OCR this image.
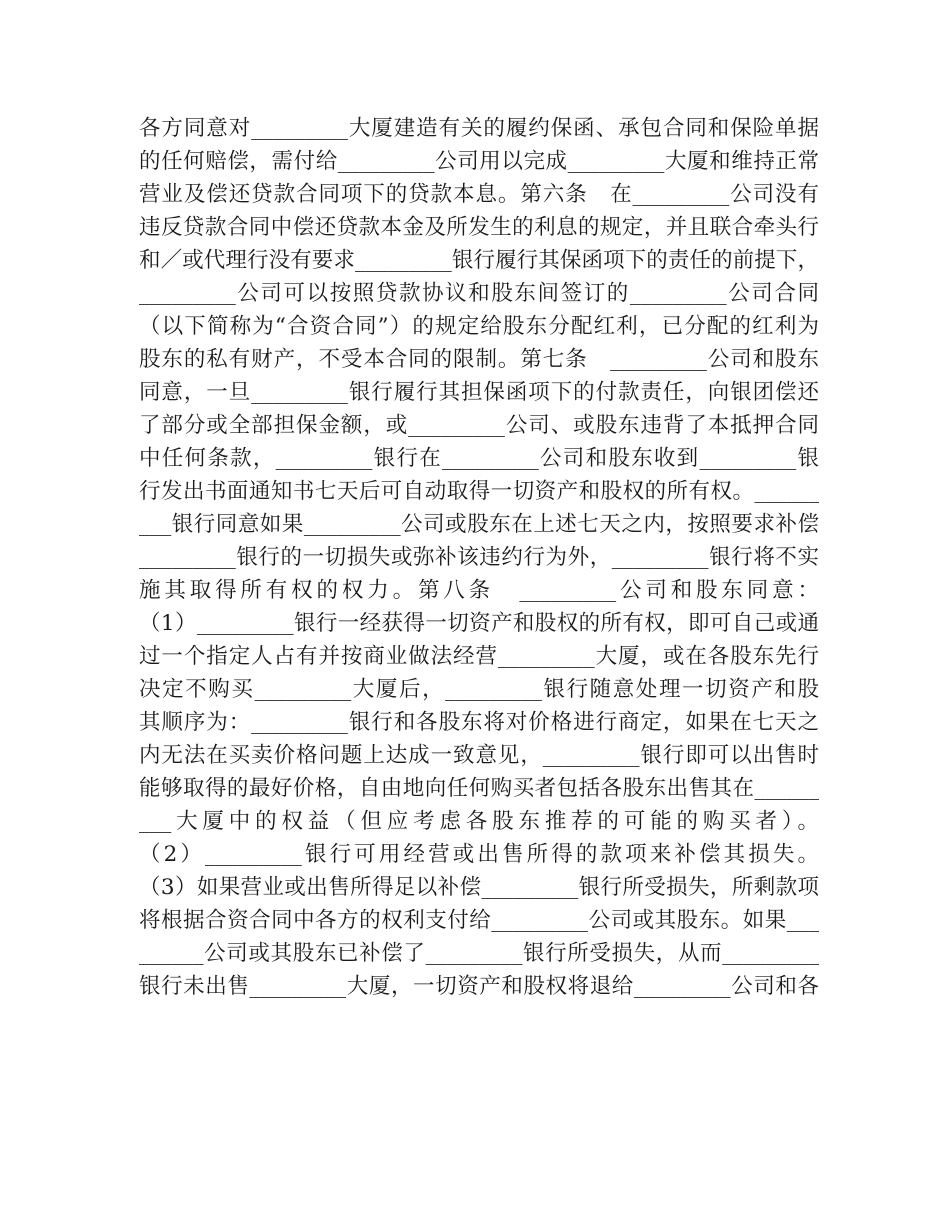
各方同意对_________大厦建造有关的履约保函、承包合同和保险单据
的任何赔偿，需付给_________公司用以完成_________大厦和维持正常
营业及偿还贷款合同项下的贷款本息。第六条　在_________公司没有
违反贷款合同中偿还贷款本金及所发生的利息的规定，并且联合牵头行
和／或代理行没有要求_________银行履行其保函项下的责任的前提下，
_________公司可以按照贷款协议和股东间签订的_________公司合同
（以下简称为“合资合同”）的规定给股东分配红利，已分配的红利为
股东的私有财产，不受本合同的限制。第七条　_________公司和股东
同意，一旦_________银行履行其担保函项下的付款责任，向银团偿还
了部分或全部担保金额，或_________公司、或股东违背了本抵押合同
中任何条款，_________银行在_________公司和股东收到_________银
行发出书面通知书七天后可自动取得一切资产和股权的所有权。______
___银行同意如果_________公司或股东在上述七天之内，按照要求补偿
_________银行的一切损失或弥补该违约行为外，_________银行将不实
施其取得所有权的权力。第八条　_________公司和股东同意：
（1）_________银行一经获得一切资产和股权的所有权，即可自己或通
过一个指定人占有并按商业做法经营_________大厦，或在各股东先行
决定不购买_________大厦后，_________银行随意处理一切资产和股
其顺序为：_________银行和各股东将对价格进行商定，如果在七天之
内无法在买卖价格问题上达成一致意见，_________银行即可以出售时
能够取得的最好价格，自由地向任何购买者包括各股东出售其在______
___大厦中的权益（但应考虑各股东推荐的可能的购买者）。
（2）_________银行可用经营或出售所得的款项来补偿其损失。
（3）如果营业或出售所得足以补偿_________银行所受损失，所剩款项
将根据合资合同中各方的权利支付给_________公司或其股东。如果___
______公司或其股东已补偿了_________银行所受损失，从而_________
银行未出售_________大厦，一切资产和股权将退给_________公司和各
